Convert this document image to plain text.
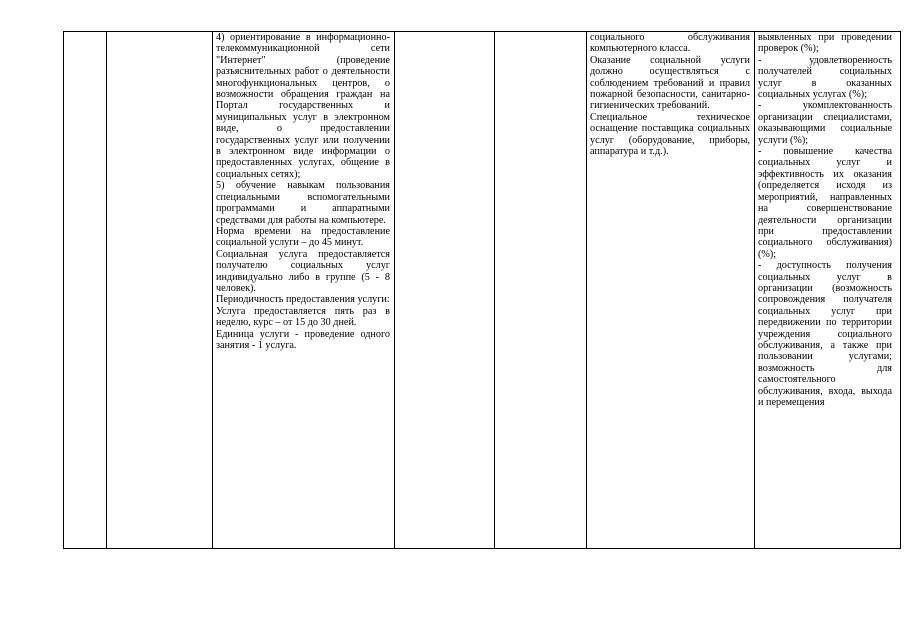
4) ориентирование в информационно-телекоммуникационной сети "Интернет" (проведение разъяснительных работ о деятельности многофункциональных центров, о возможности обращения граждан на Портал государственных и муниципальных услуг в электронном виде, о предоставлении государственных услуг или получении в электронном виде информации о предоставленных услугах, общение в социальных сетях);

5) обучение навыкам пользования специальными вспомогательными программами и аппаратными средствами для работы на компьютере.

Норма времени на предоставление социальной услуги – до 45 минут.

Социальная услуга предоставляется получателю социальных услуг индивидуально либо в группе (5 - 8 человек).

Периодичность предоставления услуги:

Услуга предоставляется пять раз в неделю, курс – от 15 до 30 дней.

Единица услуги - проведение одного занятия - 1 услуга.

социального обслуживания компьютерного класса.

Оказание социальной услуги должно осуществляться с соблюдением требований и правил пожарной безопасности, санитарно-гигиенических требований.

Специальное техническое оснащение поставщика социальных услуг (оборудование, приборы, аппаратура и т.д.).

выявленных при проведении проверок (%);

- удовлетворенность получателей социальных услуг в оказанных социальных услугах (%);

- укомплектованность организации специалистами, оказывающими социальные услуги (%);

- повышение качества социальных услуг и эффективность их оказания (определяется исходя из мероприятий, направленных на совершенствование деятельности организации при предоставлении социального обслуживания) (%);

- доступность получения социальных услуг в организации (возможность сопровождения получателя социальных услуг при передвижении по территории учреждения социального обслуживания, а также при пользовании услугами; возможность для самостоятельного обслуживания, входа, выхода и перемещения
